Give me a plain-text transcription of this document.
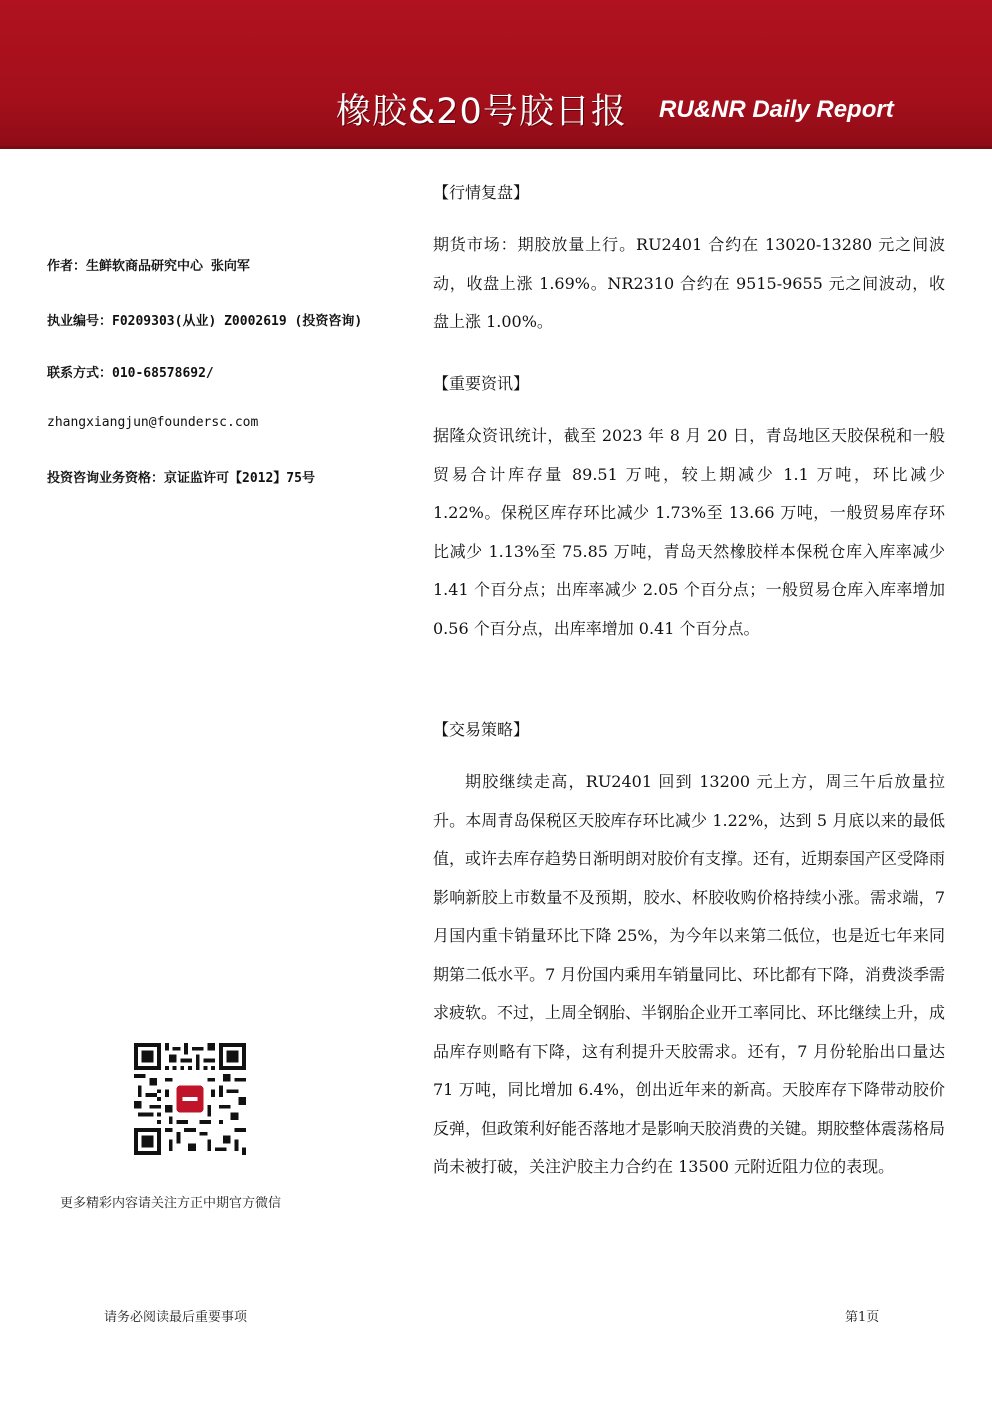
橡胶&20号胶日报 RU&NR Daily Report
作者：生鲜软商品研究中心 张向军
执业编号：F0209303(从业) Z0002619 (投资咨询)
联系方式：010-68578692/
zhangxiangjun@foundersc.com
投资咨询业务资格：京证监许可【2012】75号
更多精彩内容请关注方正中期官方微信
【行情复盘】
期货市场：期胶放量上行。RU2401 合约在 13020-13280 元之间波动，收盘上涨 1.69%。NR2310 合约在 9515-9655 元之间波动，收盘上涨 1.00%。
【重要资讯】
据隆众资讯统计，截至 2023 年 8 月 20 日，青岛地区天胶保税和一般贸易合计库存量 89.51 万吨，较上期减少 1.1 万吨，环比减少 1.22%。保税区库存环比减少 1.73%至 13.66 万吨，一般贸易库存环比减少 1.13%至 75.85 万吨，青岛天然橡胶样本保税仓库入库率减少 1.41 个百分点；出库率减少 2.05 个百分点；一般贸易仓库入库率增加 0.56 个百分点，出库率增加 0.41 个百分点。
【交易策略】
期胶继续走高，RU2401 回到 13200 元上方，周三午后放量拉升。本周青岛保税区天胶库存环比减少 1.22%，达到 5 月底以来的最低值，或许去库存趋势日渐明朗对胶价有支撑。还有，近期泰国产区受降雨影响新胶上市数量不及预期，胶水、杯胶收购价格持续小涨。需求端，7 月国内重卡销量环比下降 25%，为今年以来第二低位，也是近七年来同期第二低水平。7 月份国内乘用车销量同比、环比都有下降，消费淡季需求疲软。不过，上周全钢胎、半钢胎企业开工率同比、环比继续上升，成品库存则略有下降，这有利提升天胶需求。还有，7 月份轮胎出口量达 71 万吨，同比增加 6.4%，创出近年来的新高。天胶库存下降带动胶价反弹，但政策利好能否落地才是影响天胶消费的关键。期胶整体震荡格局尚未被打破，关注沪胶主力合约在 13500 元附近阻力位的表现。
请务必阅读最后重要事项	第1页
